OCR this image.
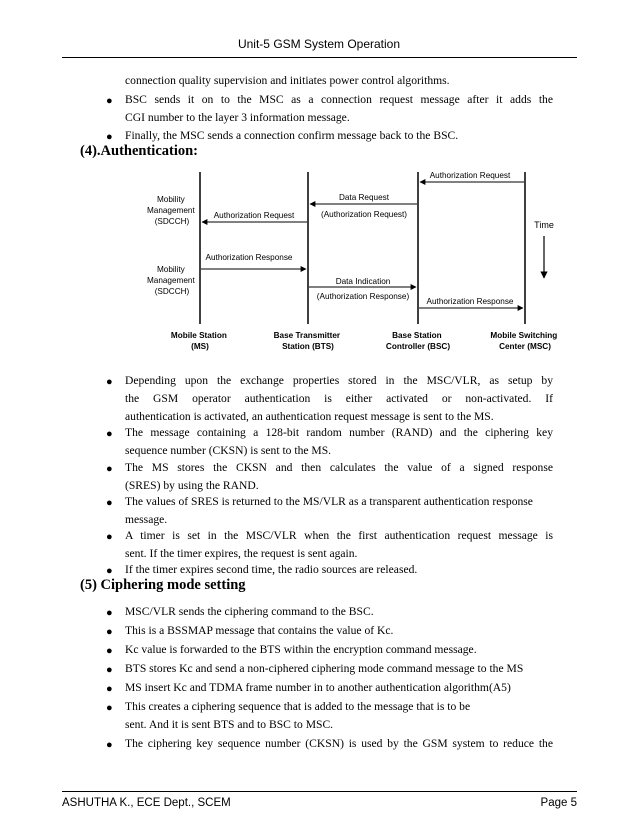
Unit-5 GSM System Operation
connection quality supervision and initiates power control algorithms.
● BSC sends it on to the MSC as a connection request message after it adds the
CGI number to the layer 3 information message.
● Finally, the MSC sends a connection confirm message back to the BSC.
(4).Authentication:
Time
Authorization Request
Data Request
(Authorization Request)
Authorization Request
Authorization Response
Data Indication
(Authorization Response)
Authorization Response
Mobility Management (SDCCH)
Mobility Management (SDCCH)
Mobile Station (MS)
Base Transmitter Station (BTS)
Base Station Controller (BSC)
Mobile Switching Center (MSC)
● Depending upon the exchange properties stored in the MSC/VLR, as setup by
the GSM operator authentication is either activated or non-activated. If
authentication is activated, an authentication request message is sent to the MS.
● The message containing a 128-bit random number (RAND) and the ciphering key
sequence number (CKSN) is sent to the MS.
● The MS stores the CKSN and then calculates the value of a signed response
(SRES) by using the RAND.
● The values of SRES is returned to the MS/VLR as a transparent authentication response
message.
● A timer is set in the MSC/VLR when the first authentication request message is
sent. If the timer expires, the request is sent again.
● If the timer expires second time, the radio sources are released.
(5) Ciphering mode setting
● MSC/VLR sends the ciphering command to the BSC.
● This is a BSSMAP message that contains the value of Kc.
● Kc value is forwarded to the BTS within the encryption command message.
● BTS stores Kc and send a non-ciphered ciphering mode command message to the MS
● MS insert Kc and TDMA frame number in to another authentication algorithm(A5)
● This creates a ciphering sequence that is added to the message that is to be
sent. And it is sent BTS and to BSC to MSC.
● The ciphering key sequence number (CKSN) is used by the GSM system to reduce the
ASHUTHA K., ECE Dept., SCEM	Page 5
